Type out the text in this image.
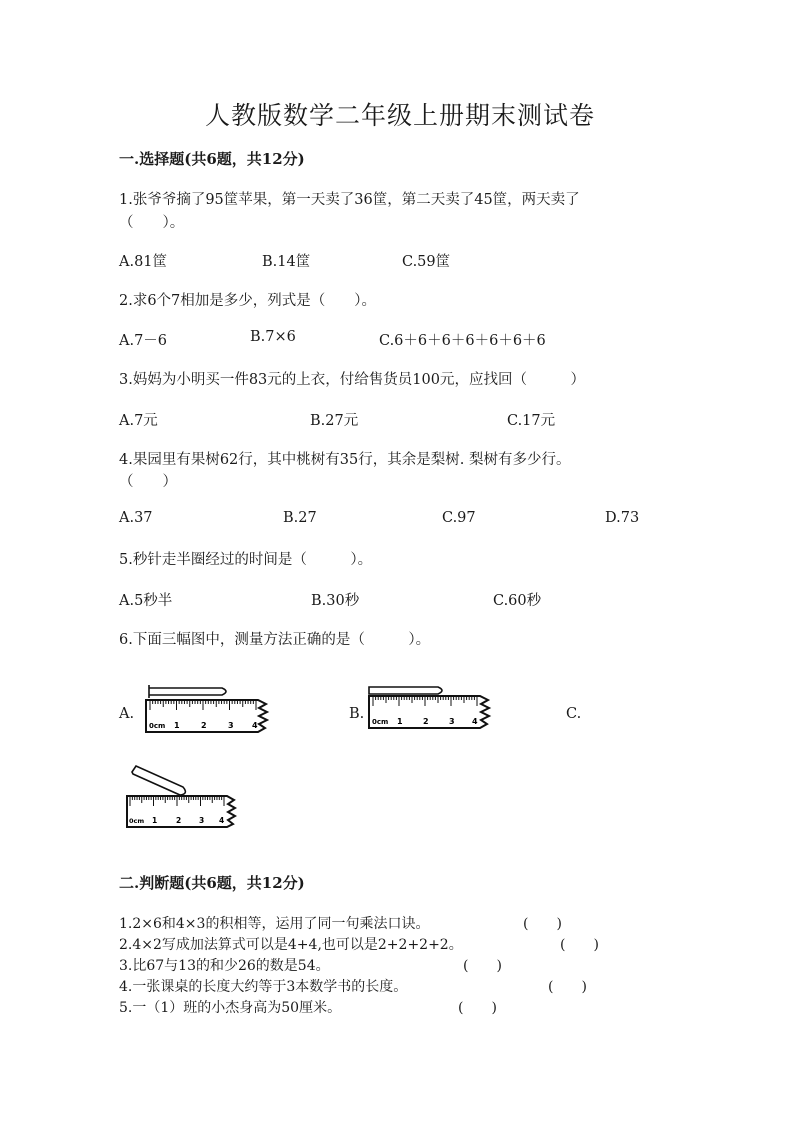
人教版数学二年级上册期末测试卷
一.选择题(共6题，共12分)
1.张爷爷摘了95筐苹果，第一天卖了36筐，第二天卖了45筐，两天卖了
（　　）。
A.81筐	B.14筐	C.59筐
2.求6个7相加是多少，列式是（　　）。
A.7－6	B.7×6	C.6＋6＋6＋6＋6＋6＋6
3.妈妈为小明买一件83元的上衣，付给售货员100元，应找回（　　　）
A.7元	B.27元	C.17元
4.果园里有果树62行，其中桃树有35行，其余是梨树. 梨树有多少行。
（　　）
A.37	B.27	C.97	D.73
5.秒针走半圈经过的时间是（　　　）。
A.5秒半	B.30秒	C.60秒
6.下面三幅图中，测量方法正确的是（　　　）。
A.	B.	C.
0cm 1	2	3 4	0cm 1	2	3 4
0cm 1	2 3 4
二.判断题(共6题，共12分)
1.2×6和4×3的积相等，运用了同一句乘法口诀。	(　　)
2.4×2写成加法算式可以是4+4,也可以是2+2+2+2。	(　　)
3.比67与13的和少26的数是54。	(　　)
4.一张课桌的长度大约等于3本数学书的长度。	(　　)
5.一（1）班的小杰身高为50厘米。	(　　)
